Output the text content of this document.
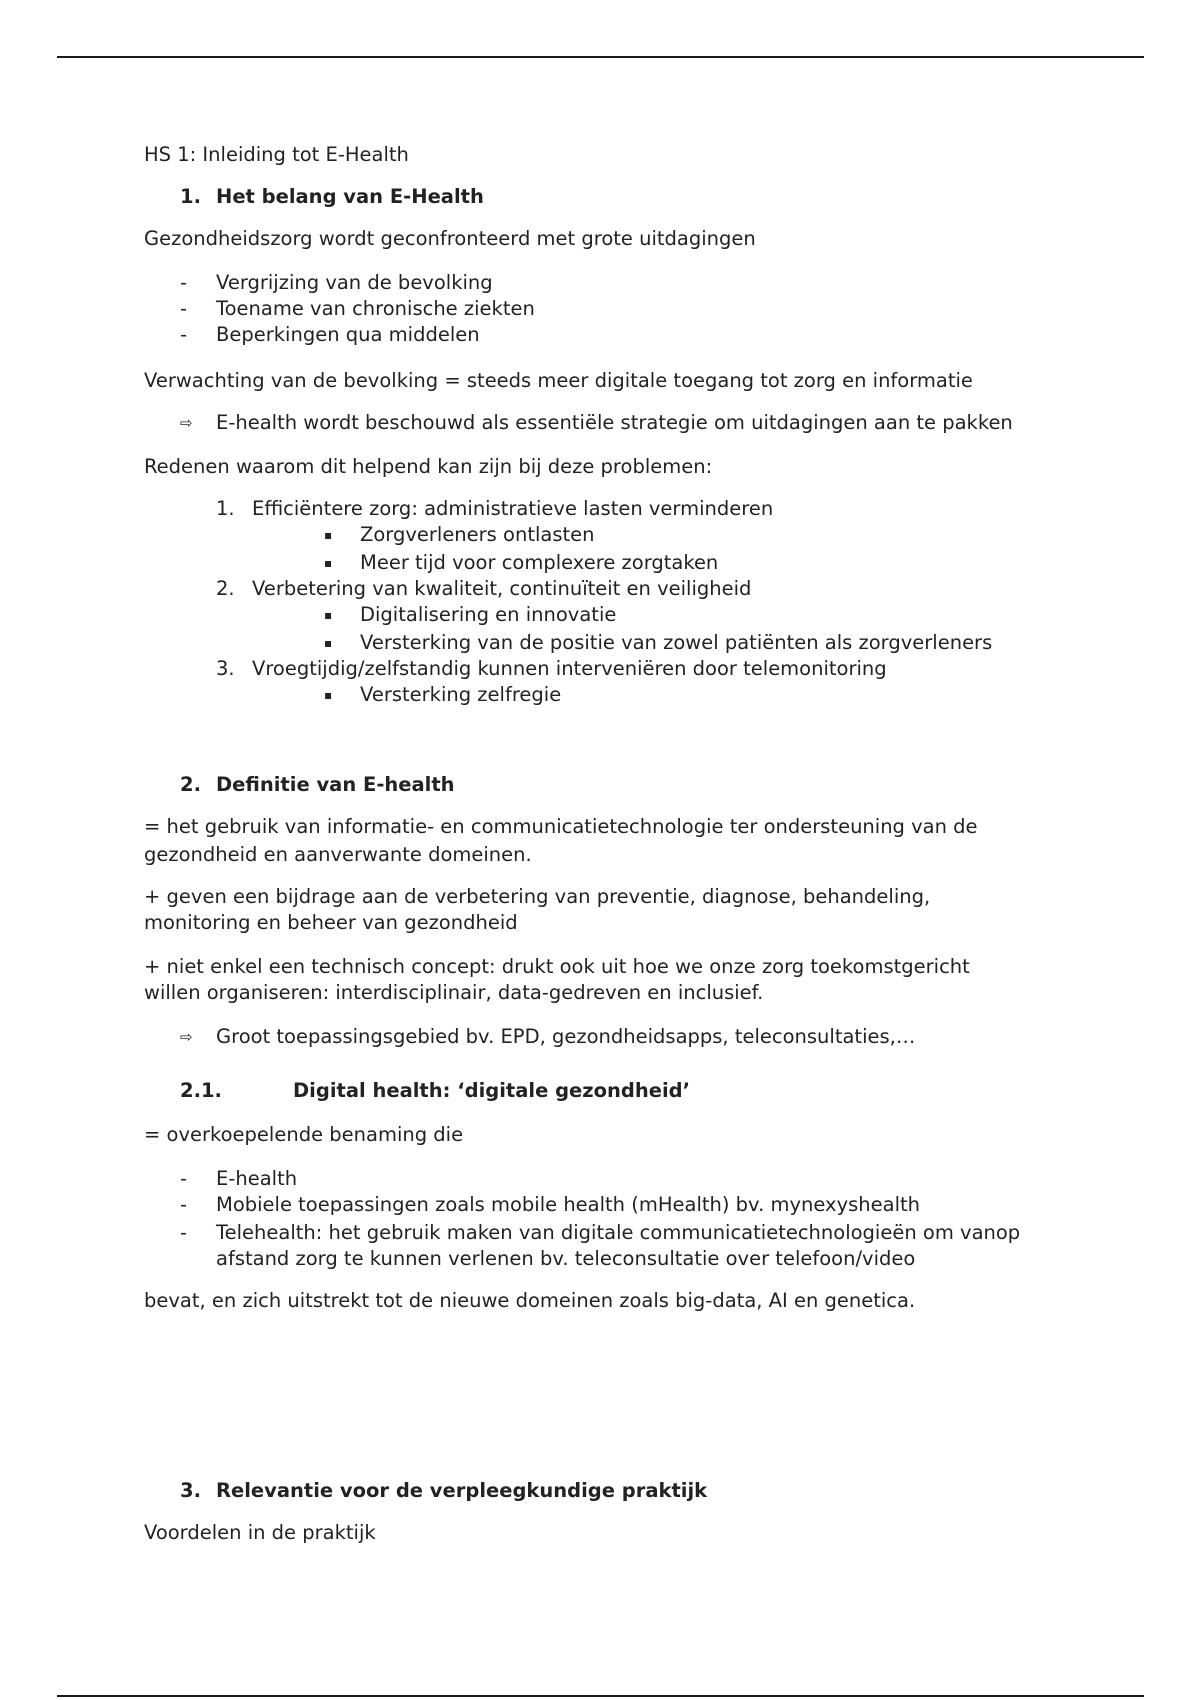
HS 1: Inleiding tot E-Health
1. Het belang van E-Health
Gezondheidszorg wordt geconfronteerd met grote uitdagingen
- Vergrijzing van de bevolking
- Toename van chronische ziekten
- Beperkingen qua middelen
Verwachting van de bevolking = steeds meer digitale toegang tot zorg en informatie
⇨ E-health wordt beschouwd als essentiële strategie om uitdagingen aan te pakken
Redenen waarom dit helpend kan zijn bij deze problemen:
1. Efficiëntere zorg: administratieve lasten verminderen
▪ Zorgverleners ontlasten
▪ Meer tijd voor complexere zorgtaken
2. Verbetering van kwaliteit, continuïteit en veiligheid
▪ Digitalisering en innovatie
▪ Versterking van de positie van zowel patiënten als zorgverleners
3. Vroegtijdig/zelfstandig kunnen interveniëren door telemonitoring
▪ Versterking zelfregie
2. Definitie van E-health
= het gebruik van informatie- en communicatietechnologie ter ondersteuning van de
gezondheid en aanverwante domeinen.
+ geven een bijdrage aan de verbetering van preventie, diagnose, behandeling,
monitoring en beheer van gezondheid
+ niet enkel een technisch concept: drukt ook uit hoe we onze zorg toekomstgericht
willen organiseren: interdisciplinair, data-gedreven en inclusief.
⇨ Groot toepassingsgebied bv. EPD, gezondheidsapps, teleconsultaties,…
2.1.	Digital health: ‘digitale gezondheid’
= overkoepelende benaming die
- E-health
- Mobiele toepassingen zoals mobile health (mHealth) bv. mynexyshealth
- Telehealth: het gebruik maken van digitale communicatietechnologieën om vanop
afstand zorg te kunnen verlenen bv. teleconsultatie over telefoon/video
bevat, en zich uitstrekt tot de nieuwe domeinen zoals big-data, AI en genetica.
3. Relevantie voor de verpleegkundige praktijk
Voordelen in de praktijk
